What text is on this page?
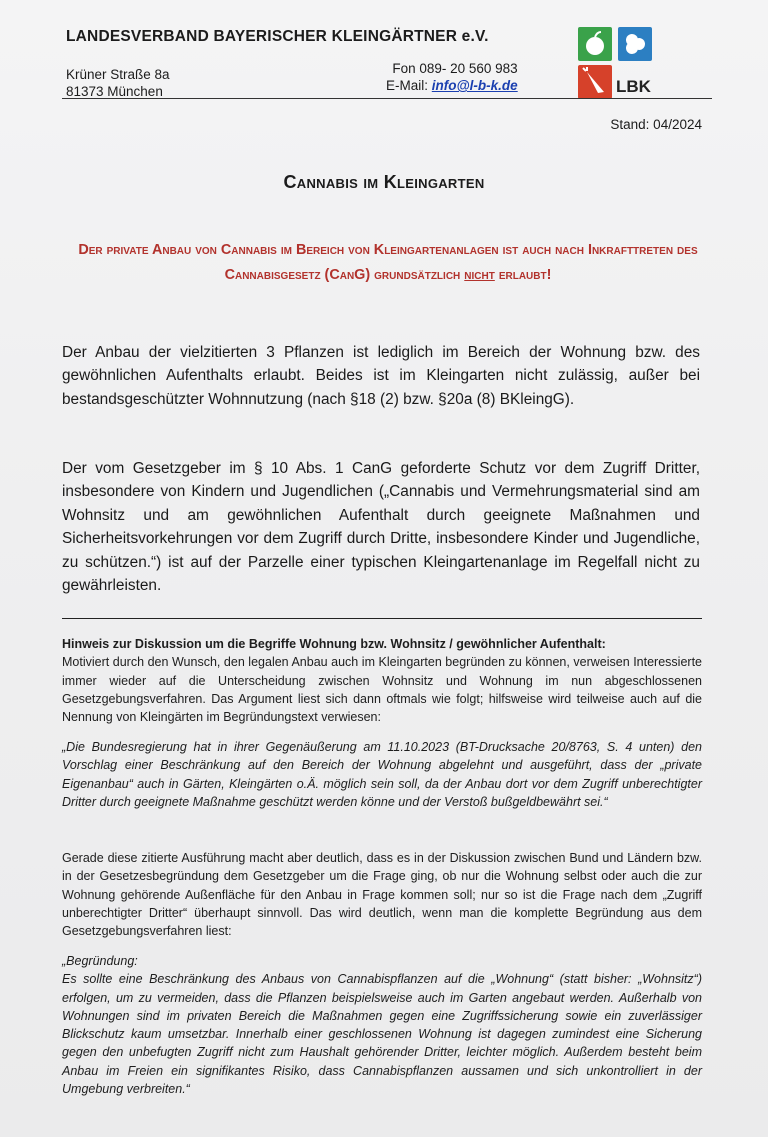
LANDESVERBAND BAYERISCHER KLEINGÄRTNER e.V.
Krüner Straße 8a
81373 München
Fon 089- 20 560 983
E-Mail: info@l-b-k.de	LBK
Stand: 04/2024
Cannabis im Kleingarten
Der private Anbau von Cannabis im Bereich von Kleingartenanlagen ist auch nach Inkrafttreten des Cannabisgesetz (CanG) grundsätzlich nicht erlaubt!
Der Anbau der vielzitierten 3 Pflanzen ist lediglich im Bereich der Wohnung bzw. des gewöhnlichen Aufenthalts erlaubt. Beides ist im Kleingarten nicht zulässig, außer bei bestandsgeschützter Wohnnutzung (nach §18 (2) bzw. §20a (8) BKleingG).
Der vom Gesetzgeber im § 10 Abs. 1 CanG geforderte Schutz vor dem Zugriff Dritter, insbesondere von Kindern und Jugendlichen („Cannabis und Vermehrungsmaterial sind am Wohnsitz und am gewöhnlichen Aufenthalt durch geeignete Maßnahmen und Sicherheitsvorkehrungen vor dem Zugriff durch Dritte, insbesondere Kinder und Jugendliche, zu schützen.“) ist auf der Parzelle einer typischen Kleingartenanlage im Regelfall nicht zu gewährleisten.
Hinweis zur Diskussion um die Begriffe Wohnung bzw. Wohnsitz / gewöhnlicher Aufenthalt:
Motiviert durch den Wunsch, den legalen Anbau auch im Kleingarten begründen zu können, verweisen Interessierte immer wieder auf die Unterscheidung zwischen Wohnsitz und Wohnung im nun abgeschlossenen Gesetzgebungsverfahren. Das Argument liest sich dann oftmals wie folgt; hilfsweise wird teilweise auch auf die Nennung von Kleingärten im Begründungstext verwiesen:
„Die Bundesregierung hat in ihrer Gegenäußerung am 11.10.2023 (BT-Drucksache 20/8763, S. 4 unten) den Vorschlag einer Beschränkung auf den Bereich der Wohnung abgelehnt und ausgeführt, dass der „private Eigenanbau“ auch in Gärten, Kleingärten o.Ä. möglich sein soll, da der Anbau dort vor dem Zugriff unberechtigter Dritter durch geeignete Maßnahme geschützt werden könne und der Verstoß bußgeldbewährt sei.“
Gerade diese zitierte Ausführung macht aber deutlich, dass es in der Diskussion zwischen Bund und Ländern bzw. in der Gesetzesbegründung dem Gesetzgeber um die Frage ging, ob nur die Wohnung selbst oder auch die zur Wohnung gehörende Außenfläche für den Anbau in Frage kommen soll; nur so ist die Frage nach dem „Zugriff unberechtigter Dritter“ überhaupt sinnvoll. Das wird deutlich, wenn man die komplette Begründung aus dem Gesetzgebungsverfahren liest:
„Begründung:
Es sollte eine Beschränkung des Anbaus von Cannabispflanzen auf die „Wohnung“ (statt bisher: „Wohnsitz“) erfolgen, um zu vermeiden, dass die Pflanzen beispielsweise auch im Garten angebaut werden. Außerhalb von Wohnungen sind im privaten Bereich die Maßnahmen gegen eine Zugriffssicherung sowie ein zuverlässiger Blickschutz kaum umsetzbar. Innerhalb einer geschlossenen Wohnung ist dagegen zumindest eine Sicherung gegen den unbefugten Zugriff nicht zum Haushalt gehörender Dritter, leichter möglich. Außerdem besteht beim Anbau im Freien ein signifikantes Risiko, dass Cannabispflanzen aussamen und sich unkontrolliert in der Umgebung verbreiten.“
